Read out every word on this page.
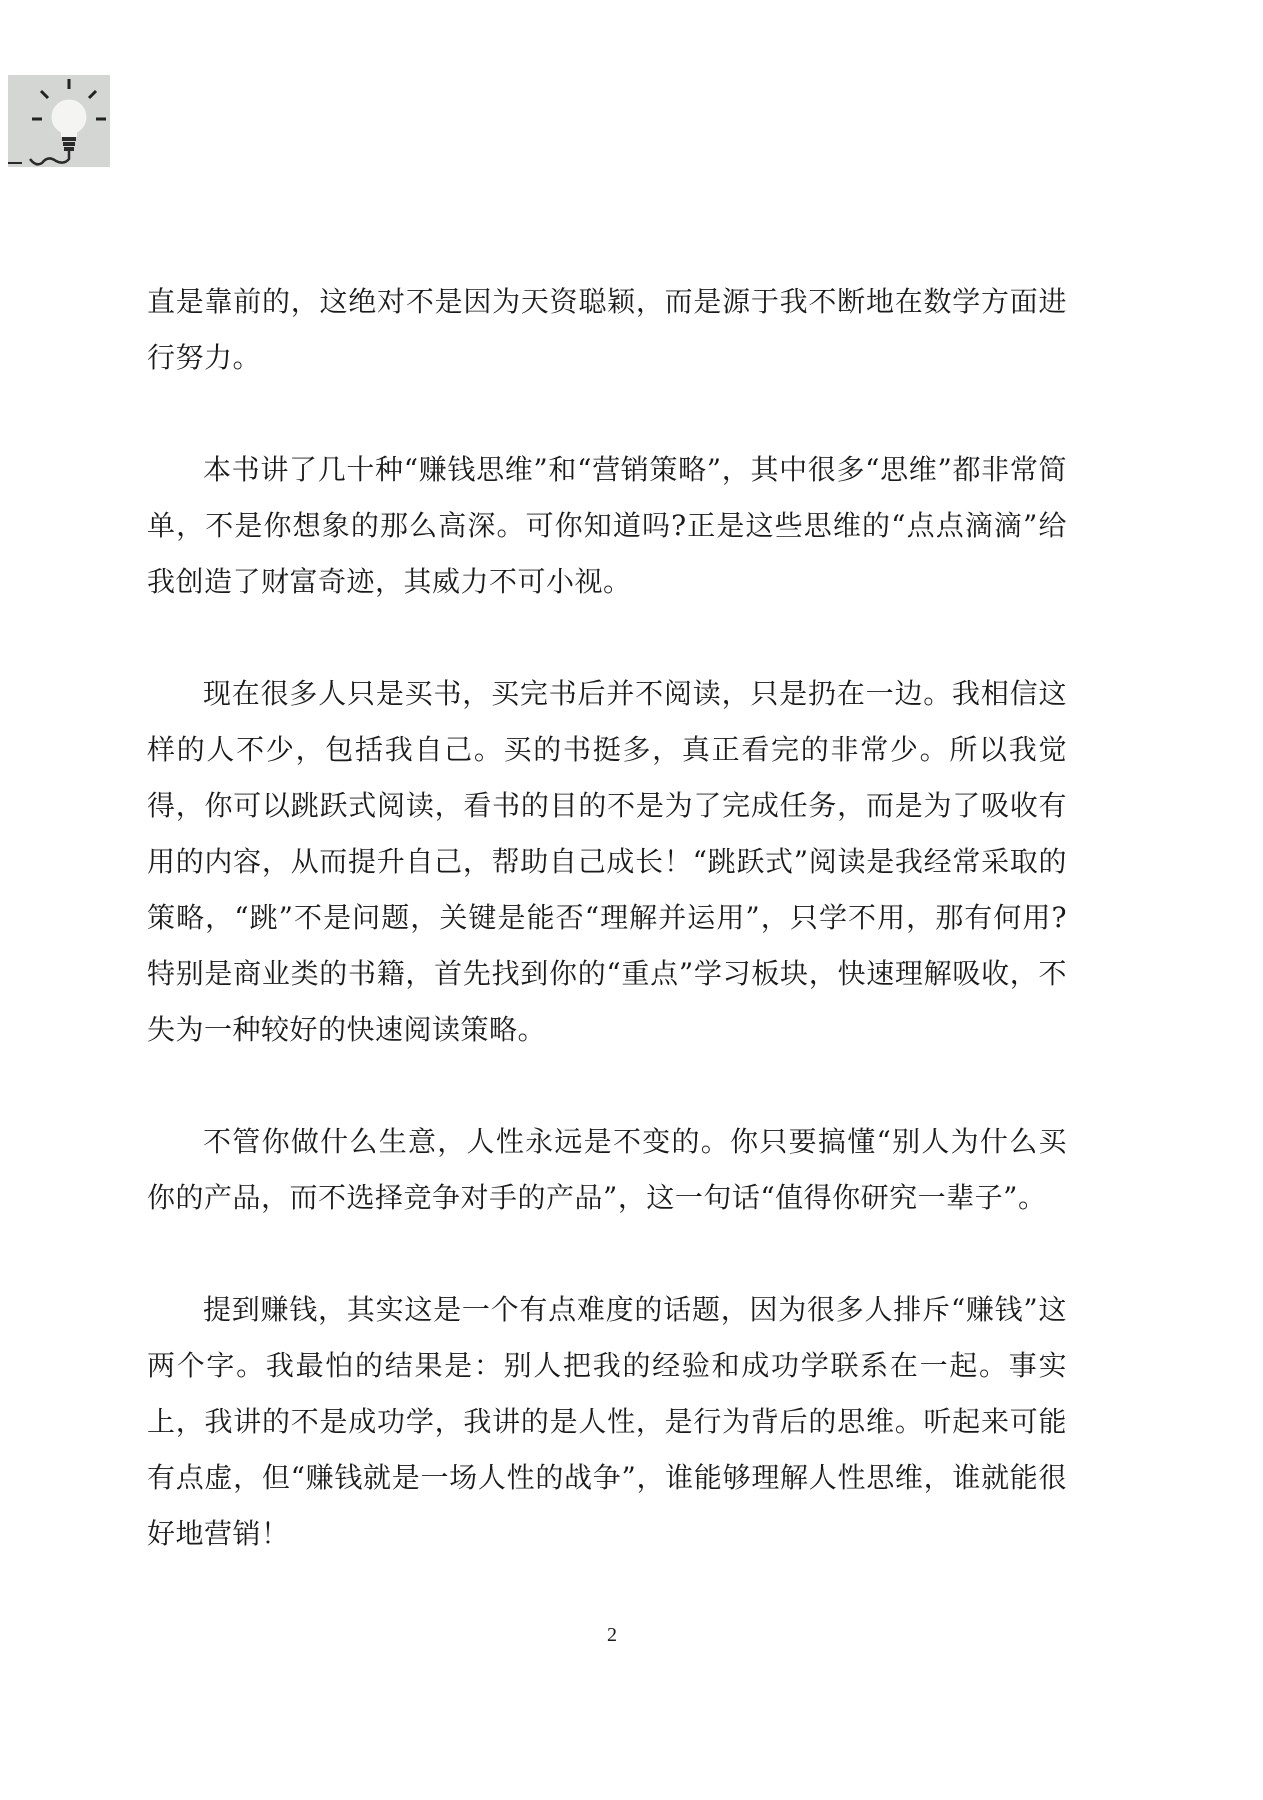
直是靠前的，这绝对不是因为天资聪颖，而是源于我不断地在数学方面进行努力。

本书讲了几十种“赚钱思维”和“营销策略”，其中很多“思维”都非常简单，不是你想象的那么高深。可你知道吗?正是这些思维的“点点滴滴”给我创造了财富奇迹，其威力不可小视。

现在很多人只是买书，买完书后并不阅读，只是扔在一边。我相信这样的人不少，包括我自己。买的书挺多，真正看完的非常少。所以我觉得，你可以跳跃式阅读，看书的目的不是为了完成任务，而是为了吸收有用的内容，从而提升自己，帮助自己成长！“跳跃式”阅读是我经常采取的策略，“跳”不是问题，关键是能否“理解并运用”，只学不用，那有何用?特别是商业类的书籍，首先找到你的“重点”学习板块，快速理解吸收，不失为一种较好的快速阅读策略。

不管你做什么生意，人性永远是不变的。你只要搞懂“别人为什么买你的产品，而不选择竞争对手的产品”，这一句话“值得你研究一辈子”。

提到赚钱，其实这是一个有点难度的话题，因为很多人排斥“赚钱”这两个字。我最怕的结果是：别人把我的经验和成功学联系在一起。事实上，我讲的不是成功学，我讲的是人性，是行为背后的思维。听起来可能有点虚，但“赚钱就是一场人性的战争”，谁能够理解人性思维，谁就能很好地营销！

2
